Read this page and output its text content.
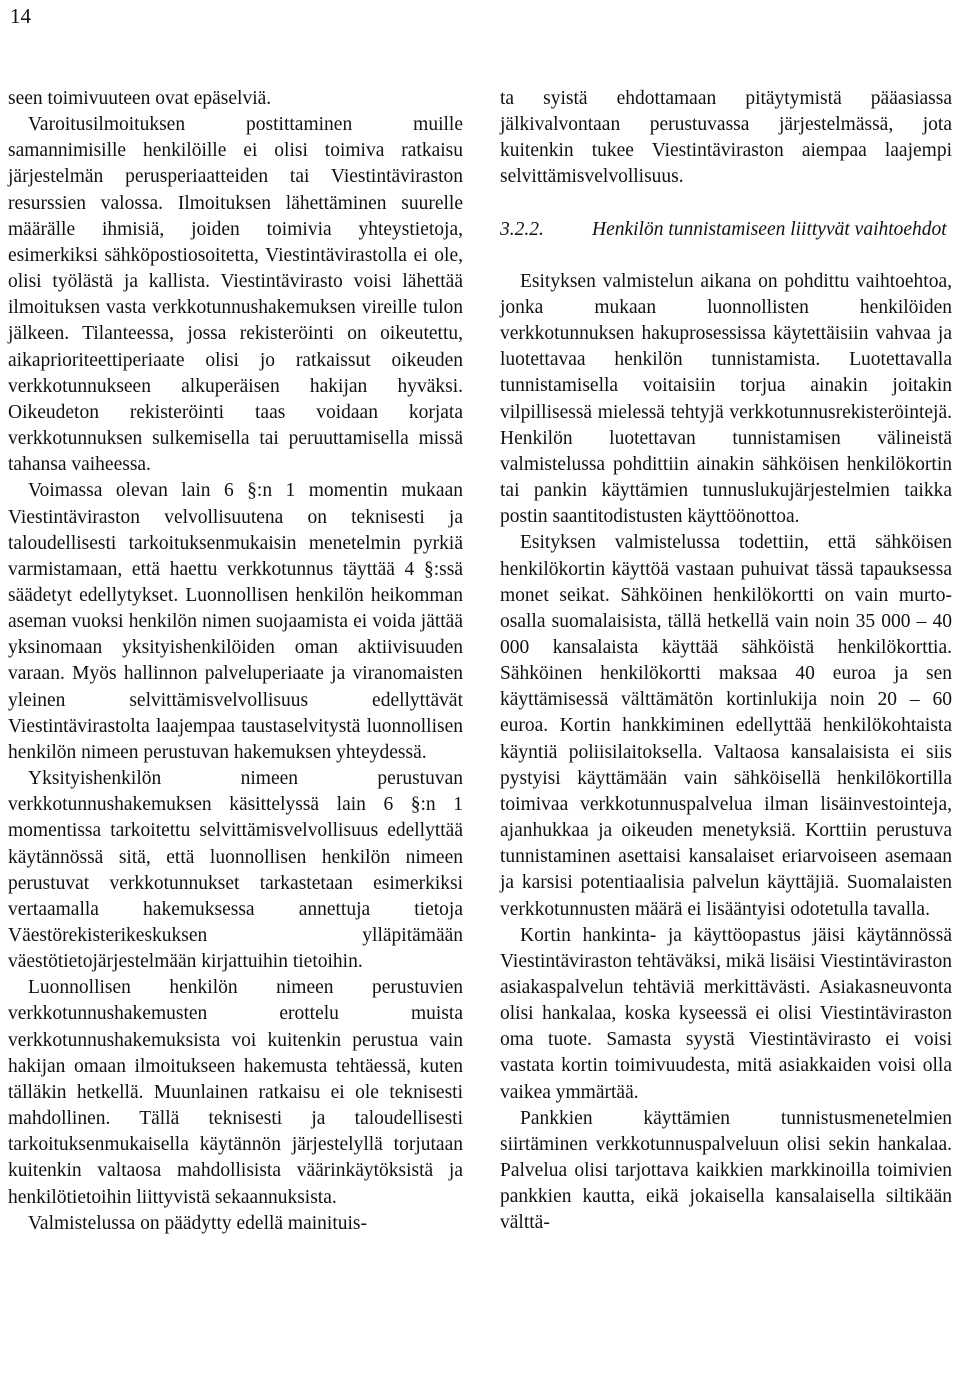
14

seen toimivuuteen ovat epäselviä.

Varoitusilmoituksen postittaminen muille samannimisille henkilöille ei olisi toimiva ratkaisu järjestelmän perusperiaatteiden tai Viestintäviraston resurssien valossa. Ilmoituksen lähettäminen suurelle määrälle ihmisiä, joiden toimivia yhteystietoja, esimerkiksi sähköpostiosoitetta, Viestintävirastolla ei ole, olisi työlästä ja kallista. Viestintävirasto voisi lähettää ilmoituksen vasta verkkotunnushakemuksen vireille tulon jälkeen. Tilanteessa, jossa rekisteröinti on oikeutettu, aikaprioriteettiperiaate olisi jo ratkaissut oikeuden verkkotunnukseen alkuperäisen hakijan hyväksi. Oikeudeton rekisteröinti taas voidaan korjata verkkotunnuksen sulkemisella tai peruuttamisella missä tahansa vaiheessa.

Voimassa olevan lain 6 §:n 1 momentin mukaan Viestintäviraston velvollisuutena on teknisesti ja taloudellisesti tarkoituksenmukaisin menetelmin pyrkiä varmistamaan, että haettu verkkotunnus täyttää 4 §:ssä säädetyt edellytykset. Luonnollisen henkilön heikomman aseman vuoksi henkilön nimen suojaamista ei voida jättää yksinomaan yksityishenkilöiden oman aktiivisuuden varaan. Myös hallinnon palveluperiaate ja viranomaisten yleinen selvittämisvelvollisuus edellyttävät Viestintävirastolta laajempaa taustaselvitystä luonnollisen henkilön nimeen perustuvan hakemuksen yhteydessä.

Yksityishenkilön nimeen perustuvan verkkotunnushakemuksen käsittelyssä lain 6 §:n 1 momentissa tarkoitettu selvittämisvelvollisuus edellyttää käytännössä sitä, että luonnollisen henkilön nimeen perustuvat verkkotunnukset tarkastetaan esimerkiksi vertaamalla hakemuksessa annettuja tietoja Väestörekisterikeskuksen ylläpitämään väestötietojärjestelmään kirjattuihin tietoihin.

Luonnollisen henkilön nimeen perustuvien verkkotunnushakemusten erottelu muista verkkotunnushakemuksista voi kuitenkin perustua vain hakijan omaan ilmoitukseen hakemusta tehtäessä, kuten tälläkin hetkellä. Muunlainen ratkaisu ei ole teknisesti mahdollinen. Tällä teknisesti ja taloudellisesti tarkoituksenmukaisella käytännön järjestelyllä torjutaan kuitenkin valtaosa mahdollisista väärinkäytöksistä ja henkilötietoihin liittyvistä sekaannuksista.

Valmistelussa on päädytty edellä mainituis-

ta syistä ehdottamaan pitäytymistä pääasiassa jälkivalvontaan perustuvassa järjestelmässä, jota kuitenkin tukee Viestintäviraston aiempaa laajempi selvittämisvelvollisuus.

3.2.2.	Henkilön tunnistamiseen liittyvät vaihtoehdot

Esityksen valmistelun aikana on pohdittu vaihtoehtoa, jonka mukaan luonnollisten henkilöiden verkkotunnuksen hakuprosessissa käytettäisiin vahvaa ja luotettavaa henkilön tunnistamista. Luotettavalla tunnistamisella voitaisiin torjua ainakin joitakin vilpillisessä mielessä tehtyjä verkkotunnusrekisteröintejä. Henkilön luotettavan tunnistamisen välineistä valmistelussa pohdittiin ainakin sähköisen henkilökortin tai pankin käyttämien tunnuslukujärjestelmien taikka postin saantitodistusten käyttöönottoa.

Esityksen valmistelussa todettiin, että sähköisen henkilökortin käyttöä vastaan puhuivat tässä tapauksessa monet seikat. Sähköinen henkilökortti on vain murto-osalla suomalaisista, tällä hetkellä vain noin 35 000 – 40 000 kansalaista käyttää sähköistä henkilökorttia. Sähköinen henkilökortti maksaa 40 euroa ja sen käyttämisessä välttämätön kortinlukija noin 20 – 60 euroa. Kortin hankkiminen edellyttää henkilökohtaista käyntiä poliisilaitoksella. Valtaosa kansalaisista ei siis pystyisi käyttämään vain sähköisellä henkilökortilla toimivaa verkkotunnuspalvelua ilman lisäinvestointeja, ajanhukkaa ja oikeuden menetyksiä. Korttiin perustuva tunnistaminen asettaisi kansalaiset eriarvoiseen asemaan ja karsisi potentiaalisia palvelun käyttäjiä. Suomalaisten verkkotunnusten määrä ei lisääntyisi odotetulla tavalla.

Kortin hankinta- ja käyttöopastus jäisi käytännössä Viestintäviraston tehtäväksi, mikä lisäisi Viestintäviraston asiakaspalvelun tehtäviä merkittävästi. Asiakasneuvonta olisi hankalaa, koska kyseessä ei olisi Viestintäviraston oma tuote. Samasta syystä Viestintävirasto ei voisi vastata kortin toimivuudesta, mitä asiakkaiden voisi olla vaikea ymmärtää.

Pankkien käyttämien tunnistusmenetelmien siirtäminen verkkotunnuspalveluun olisi sekin hankalaa. Palvelua olisi tarjottava kaikkien markkinoilla toimivien pankkien kautta, eikä jokaisella kansalaisella siltikään välttä-
